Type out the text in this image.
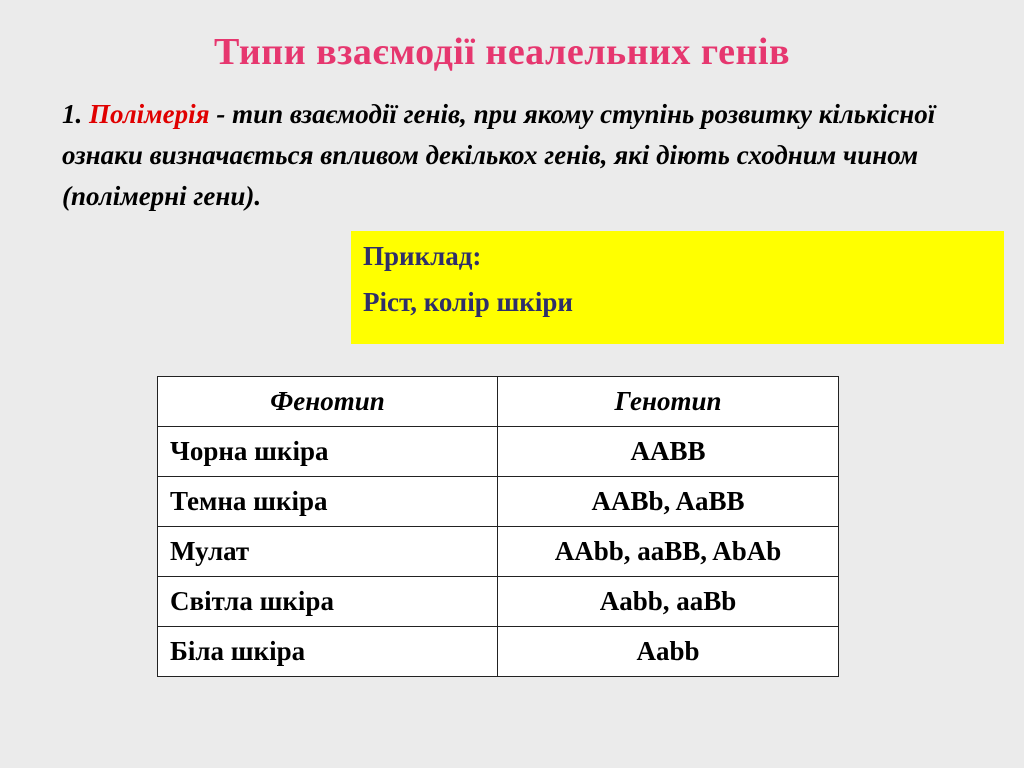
Типи взаємодії неалельних генів
1. Полімерія - тип взаємодії генів, при якому ступінь розвитку кількісної ознаки визначається впливом декількох генів, які діють сходним чином (полімерні гени).
Приклад:
Ріст, колір шкіри
Фенотип	Генотип
Чорна шкіра	AABB
Темна шкіра	AABb, AaBB
Мулат	AAbb, aaBB, AbAb
Світла шкіра	Aabb, aaBb
Біла шкіра	Aabb
